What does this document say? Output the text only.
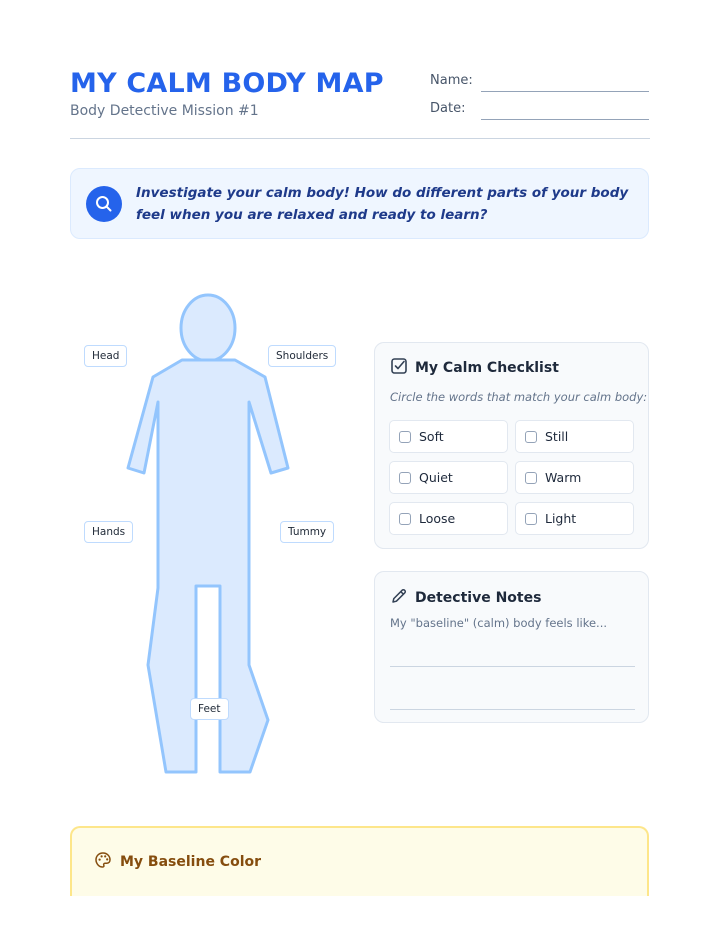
MY CALM BODY MAP
Body Detective Mission #1
Name:
Date:
Investigate your calm body! How do different parts of your body feel when you are relaxed and ready to learn?
Head	Shoulders
Hands	Tummy
Feet
My Calm Checklist
Circle the words that match your calm body:
Soft	Still
Quiet	Warm
Loose	Light
Detective Notes
My "baseline" (calm) body feels like...
My Baseline Color
